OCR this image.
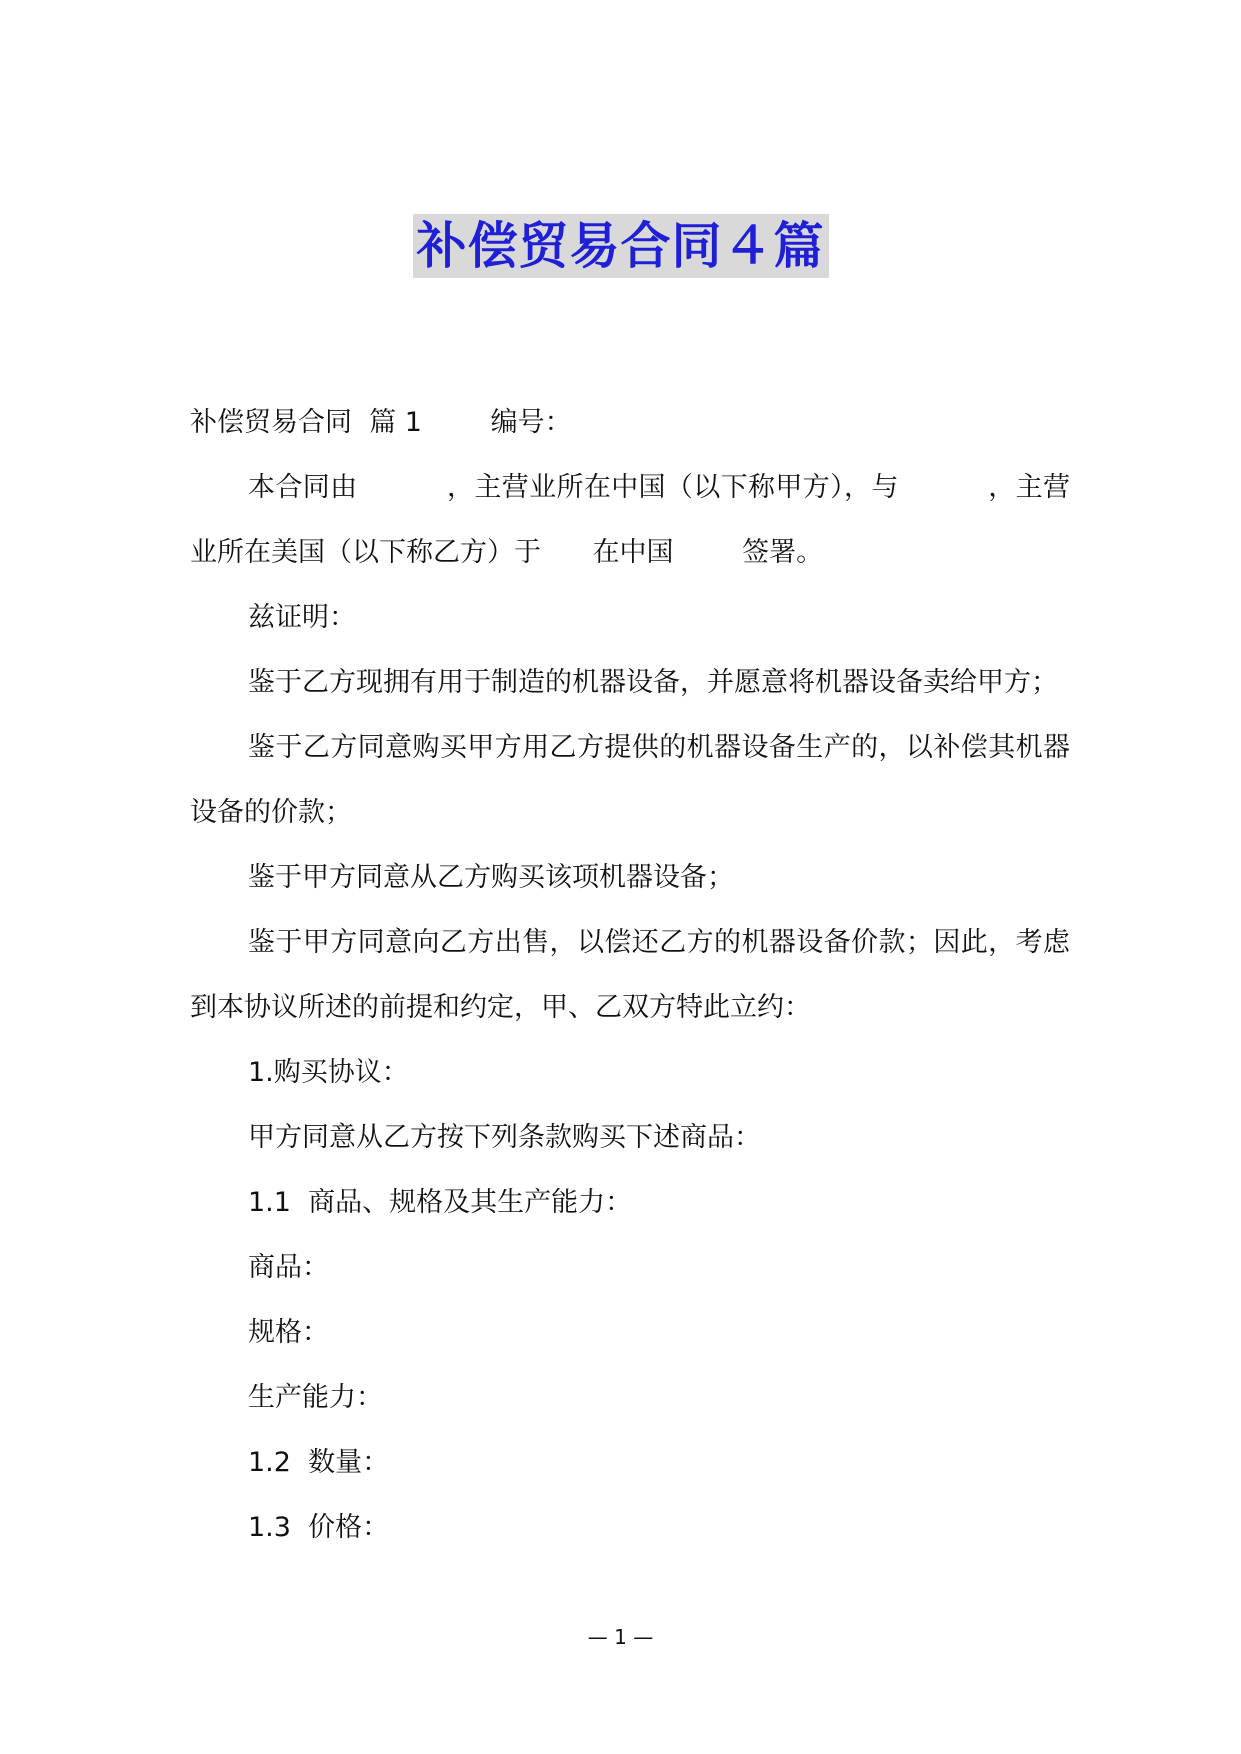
补偿贸易合同４篇

补偿贸易合同  篇 1        编号：

本合同由          ，主营业所在中国（以下称甲方），与          ，主营业所在美国（以下称乙方）于      在中国        签署。

兹证明：

鉴于乙方现拥有用于制造的机器设备，并愿意将机器设备卖给甲方；

鉴于乙方同意购买甲方用乙方提供的机器设备生产的，以补偿其机器设备的价款；

鉴于甲方同意从乙方购买该项机器设备；

鉴于甲方同意向乙方出售，以偿还乙方的机器设备价款；因此，考虑到本协议所述的前提和约定，甲、乙双方特此立约：

1.购买协议：

甲方同意从乙方按下列条款购买下述商品：

1.1  商品、规格及其生产能力：

商品：

规格：

生产能力：

1.2  数量：

1.3  价格：

— 1 —
